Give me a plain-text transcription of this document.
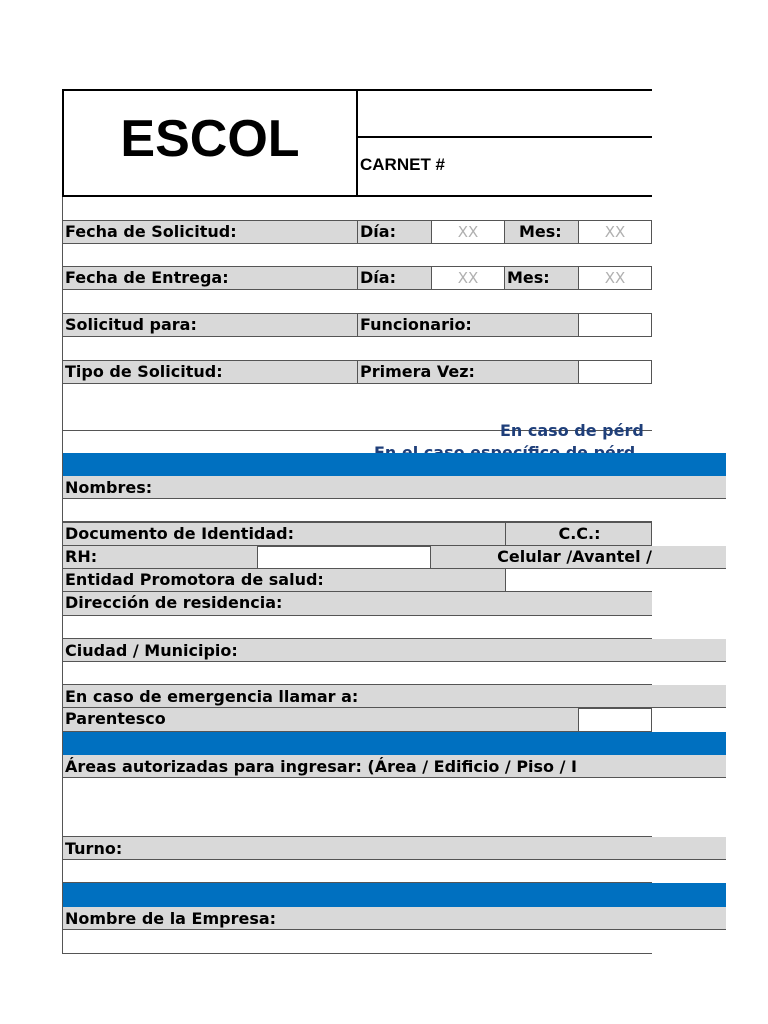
ESCOL	CARNET #
Fecha de Solicitud:	Día:	XX	Mes:	XX
Fecha de Entrega:	Día:	XX	Mes:	XX
Solicitud para:	Funcionario:
Tipo de Solicitud:	Primera Vez:
En caso de pérd
Nombres:
Documento de Identidad:	C.C.:
RH:	Celular /Avantel /
Entidad Promotora de salud:
Dirección de residencia:
Ciudad / Municipio:
En caso de emergencia llamar a:
Parentesco
Áreas autorizadas para ingresar: (Área / Edificio / Piso / I
Turno:
Nombre de la Empresa:
